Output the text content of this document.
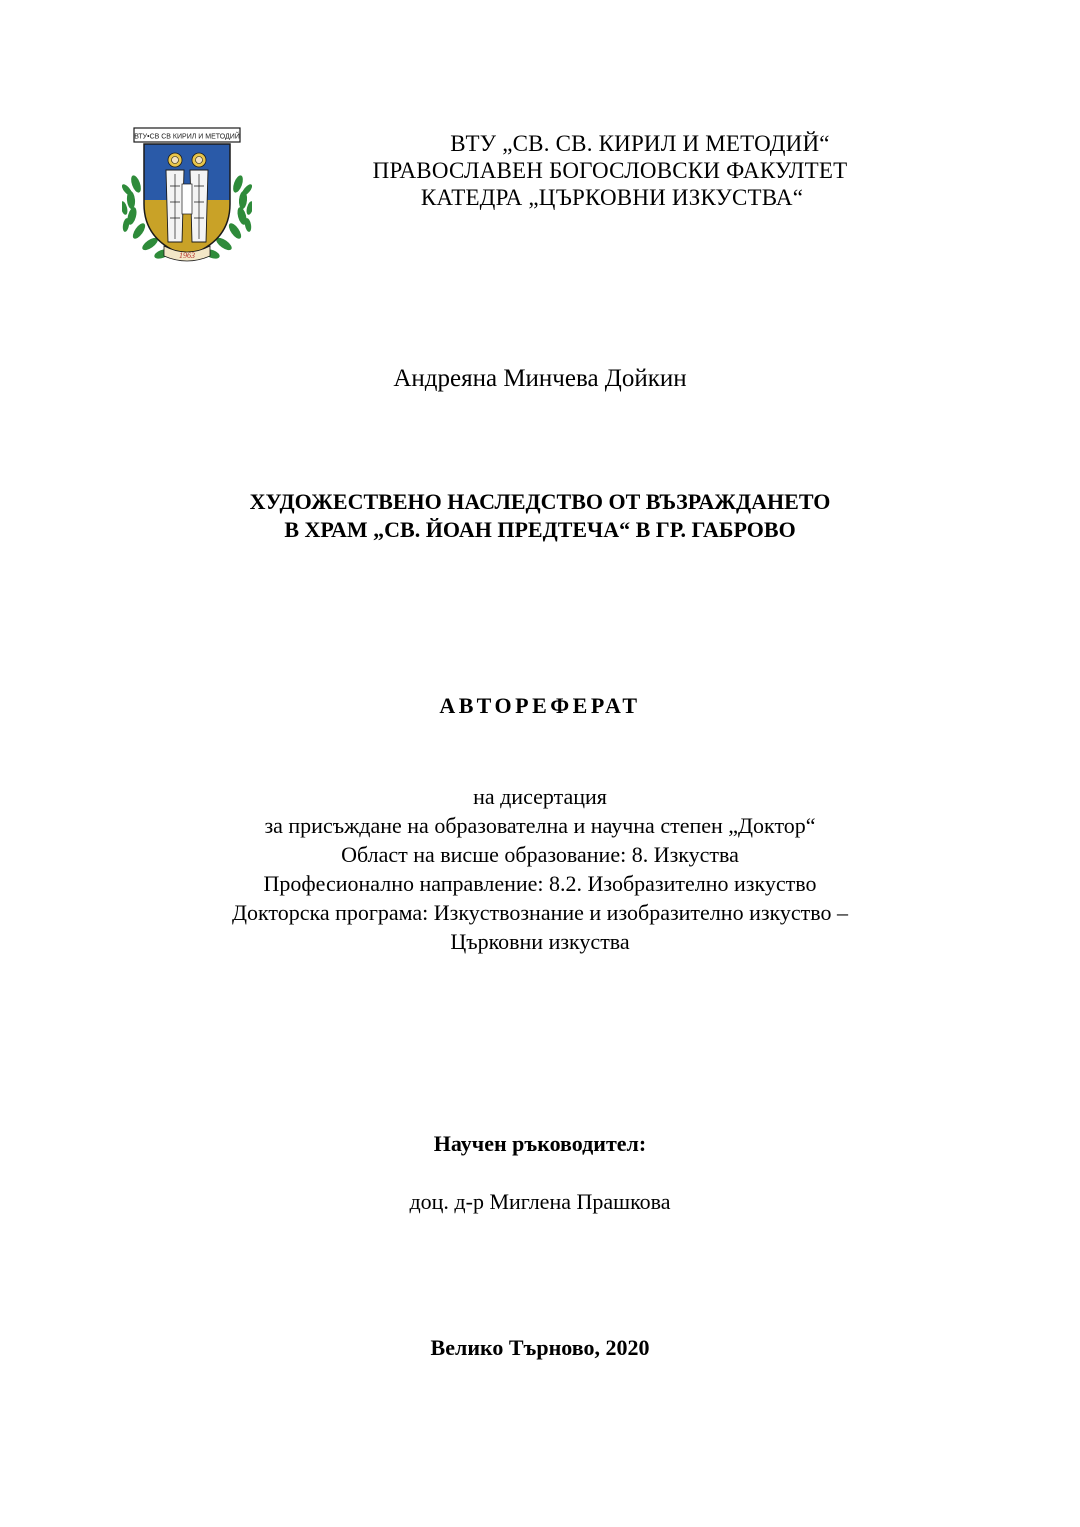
ВТУ•СВ СВ КИРИЛ И МЕТОДИЙ
1963
ВТУ „СВ. СВ. КИРИЛ И МЕТОДИЙ“
ПРАВОСЛАВЕН БОГОСЛОВСКИ ФАКУЛТЕТ
КАТЕДРА „ЦЪРКОВНИ ИЗКУСТВА“
Андреяна Минчева Дойкин
ХУДОЖЕСТВЕНО НАСЛЕДСТВО ОТ ВЪЗРАЖДАНЕТО
В ХРАМ „СВ. ЙОАН ПРЕДТЕЧА“ В ГР. ГАБРОВО
АВТОРЕФЕРАТ
на дисертация
за присъждане на образователна и научна степен „Доктор“
Област на висше образование: 8. Изкуства
Професионално направление: 8.2. Изобразително изкуство
Докторска програма: Изкуствознание и изобразително изкуство –
Църковни изкуства
Научен ръководител:
доц. д-р Миглена Прашкова
Велико Търново, 2020
